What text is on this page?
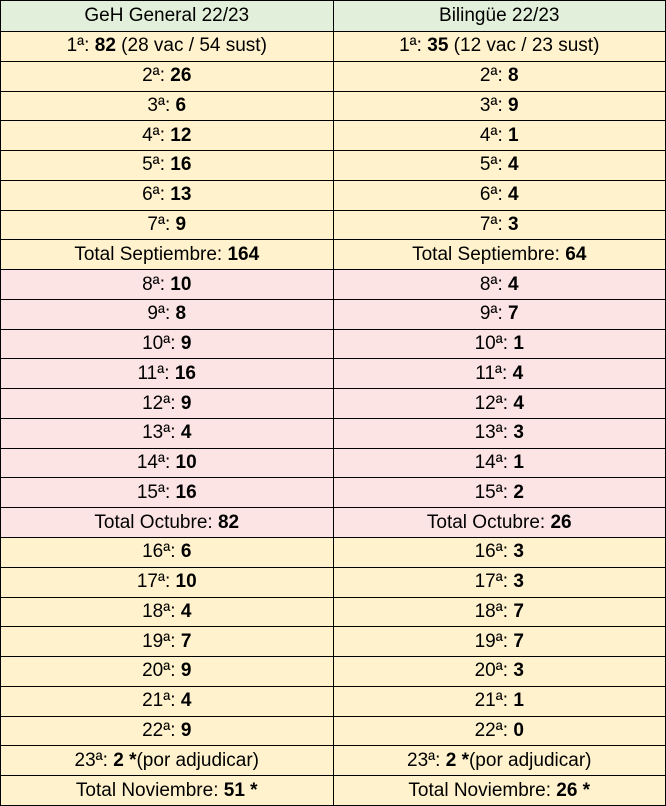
GeH General 22/23	Bilingüe 22/23
1ª: 82 (28 vac / 54 sust)	1ª: 35 (12 vac / 23 sust)
2ª: 26	2ª: 8
3ª: 6	3ª: 9
4ª: 12	4ª: 1
5ª: 16	5ª: 4
6ª: 13	6ª: 4
7ª: 9	7ª: 3
Total Septiembre: 164	Total Septiembre: 64
8ª: 10	8ª: 4
9ª: 8	9ª: 7
10ª: 9	10ª: 1
11ª: 16	11ª: 4
12ª: 9	12ª: 4
13ª: 4	13ª: 3
14ª: 10	14ª: 1
15ª: 16	15ª: 2
Total Octubre: 82	Total Octubre: 26
16ª: 6	16ª: 3
17ª: 10	17ª: 3
18ª: 4	18ª: 7
19ª: 7	19ª: 7
20ª: 9	20ª: 3
21ª: 4	21ª: 1
22ª: 9	22ª: 0
23ª: 2 *(por adjudicar)	23ª: 2 *(por adjudicar)
Total Noviembre: 51 *	Total Noviembre: 26 *
